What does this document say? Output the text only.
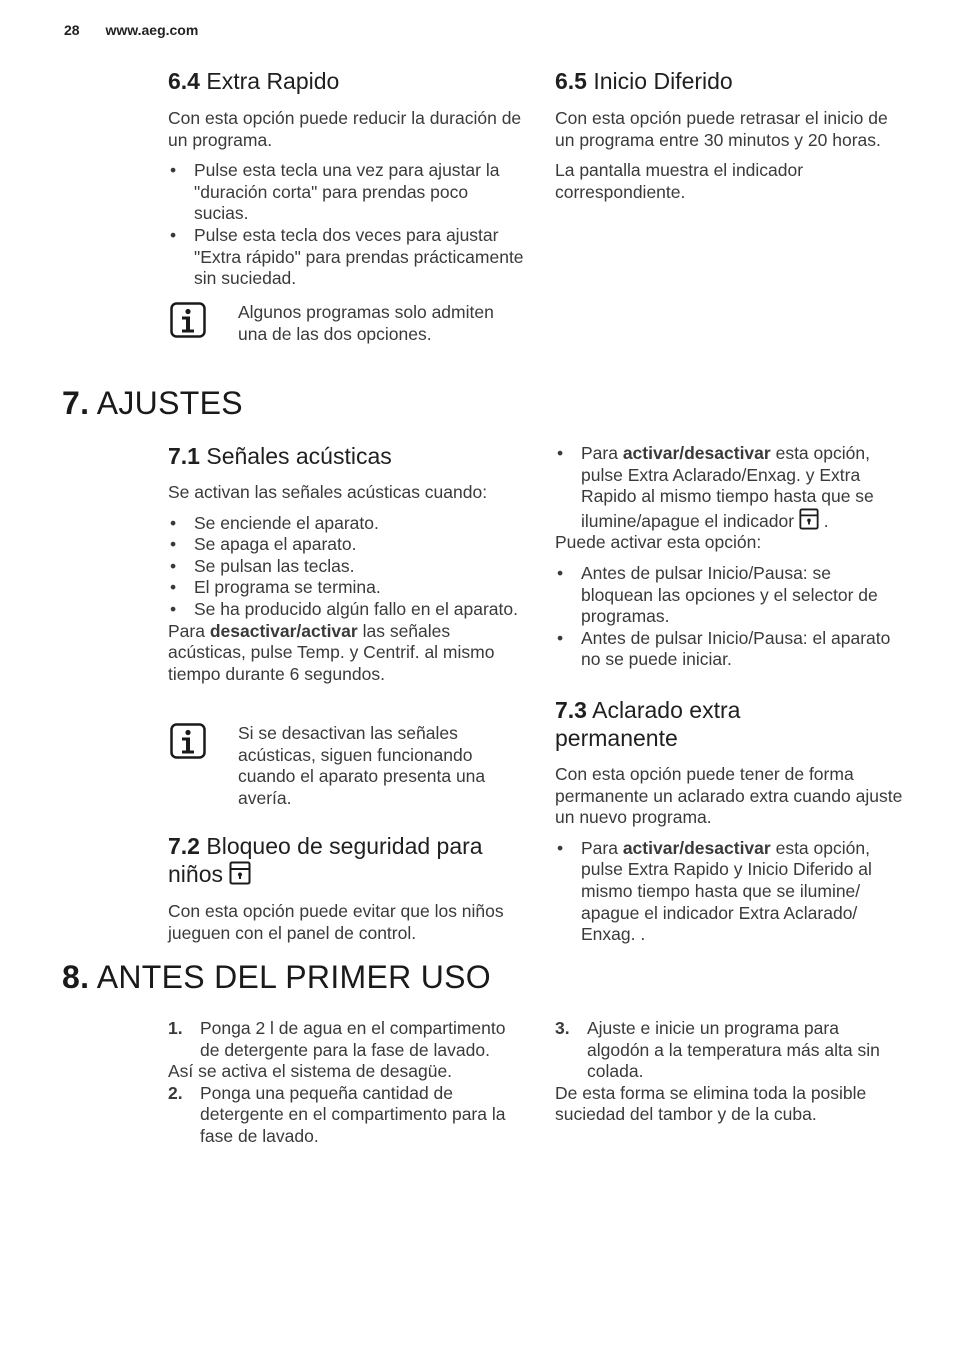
28 www.aeg.com
6.4 Extra Rapido

Con esta opción puede reducir la duración de un programa.

• Pulse esta tecla una vez para ajustar la "duración corta" para prendas poco sucias.
• Pulse esta tecla dos veces para ajustar "Extra rápido" para prendas prácticamente sin suciedad.
Algunos programas solo admiten una de las dos opciones.
6.5 Inicio Diferido

Con esta opción puede retrasar el inicio de un programa entre 30 minutos y 20 horas.

La pantalla muestra el indicador correspondiente.

7. AJUSTES
7.1 Señales acústicas

Se activan las señales acústicas cuando:

• Se enciende el aparato.
• Se apaga el aparato.
• Se pulsan las teclas.
• El programa se termina.
• Se ha producido algún fallo en el aparato.

Para desactivar/activar las señales acústicas, pulse Temp. y Centrif. al mismo tiempo durante 6 segundos.

Si se desactivan las señales acústicas, siguen funcionando cuando el aparato presenta una avería.
7.2 Bloqueo de seguridad para niños

Con esta opción puede evitar que los niños jueguen con el panel de control.

• Para activar/desactivar esta opción, pulse Extra Aclarado/Enxag. y Extra Rapido al mismo tiempo hasta que se ilumine/apague el indicador  .

Puede activar esta opción:

• Antes de pulsar Inicio/Pausa: se bloquean las opciones y el selector de programas.
• Antes de pulsar Inicio/Pausa: el aparato no se puede iniciar.
7.3 Aclarado extra permanente

Con esta opción puede tener de forma permanente un aclarado extra cuando ajuste un nuevo programa.

• Para activar/desactivar esta opción, pulse Extra Rapido y Inicio Diferido al mismo tiempo hasta que se ilumine/ apague el indicador Extra Aclarado/ Enxag. .
8. ANTES DEL PRIMER USO
1. Ponga 2 l de agua en el compartimento de detergente para la fase de lavado.

Así se activa el sistema de desagüe.

2. Ponga una pequeña cantidad de detergente en el compartimento para la fase de lavado.
3. Ajuste e inicie un programa para algodón a la temperatura más alta sin colada.

De esta forma se elimina toda la posible suciedad del tambor y de la cuba.
